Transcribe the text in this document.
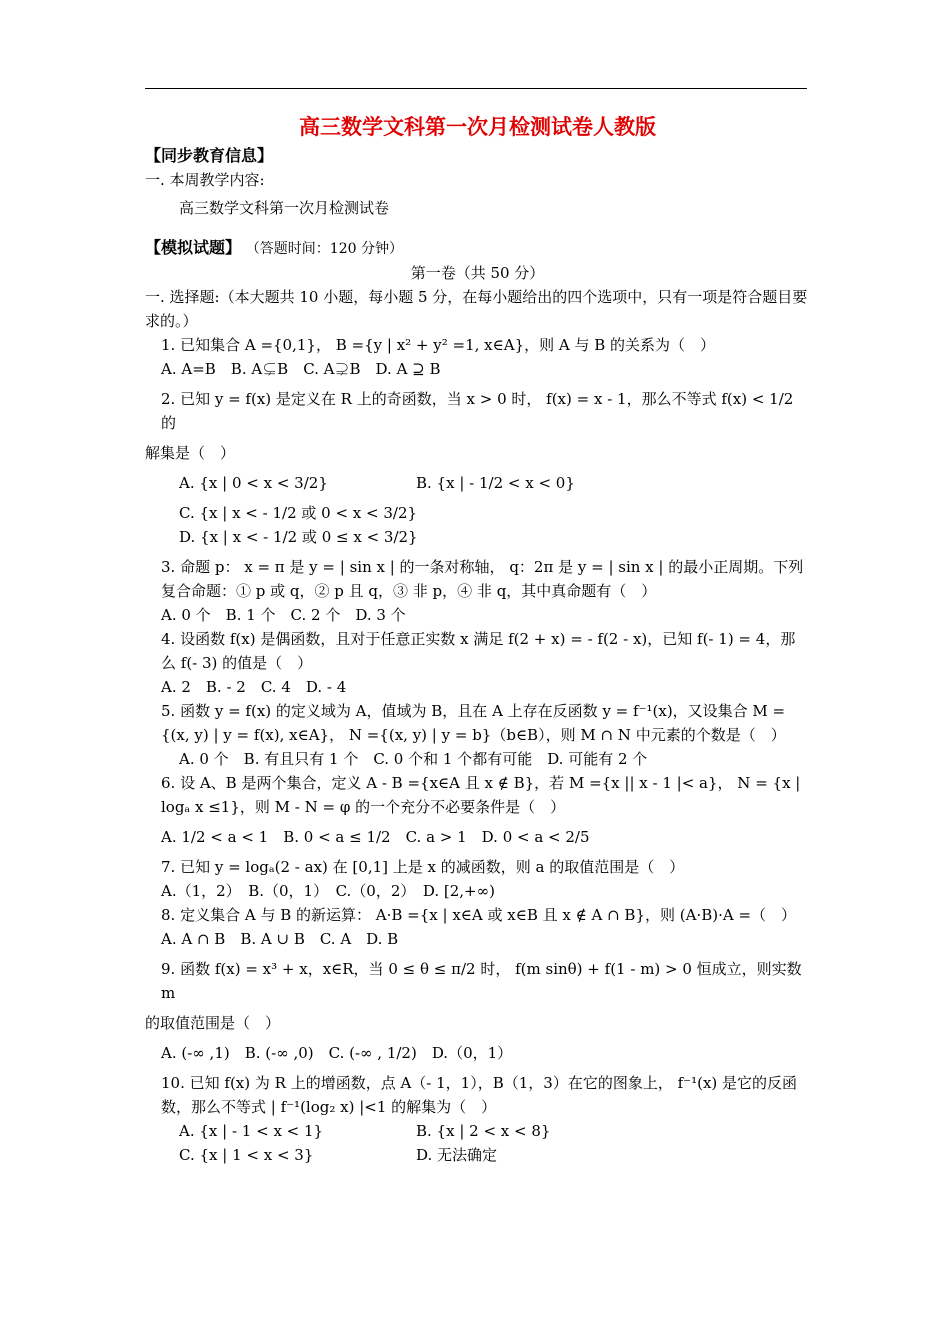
高三数学文科第一次月检测试卷人教版
【同步教育信息】
一. 本周教学内容:
高三数学文科第一次月检测试卷
【模拟试题】 （答题时间：120 分钟）
第一卷（共 50 分）
一. 选择题:（本大题共 10 小题，每小题 5 分，在每小题给出的四个选项中，只有一项是符合题目要求的。）
1. 已知集合 A ={0,1}， B ={y | x² + y² =1, x∈A}，则 A 与 B 的关系为（　）
A. A=B　B. A⊊B　C. A⊋B　D. A ⊇ B
2. 已知 y = f(x) 是定义在 R 上的奇函数，当 x > 0 时， f(x) = x - 1，那么不等式 f(x) < 1/2 的
解集是（　）
A. {x | 0 < x < 3/2}	B. {x | - 1/2 < x < 0}
C. {x | x < - 1/2 或 0 < x < 3/2}
D. {x | x < - 1/2 或 0 ≤ x < 3/2}
3. 命题 p： x = π 是 y = | sin x | 的一条对称轴， q：2π 是 y = | sin x | 的最小正周期。下列复合命题：① p 或 q，② p 且 q，③ 非 p，④ 非 q，其中真命题有（　）
A. 0 个　B. 1 个　C. 2 个　D. 3 个
4. 设函数 f(x) 是偶函数，且对于任意正实数 x 满足 f(2 + x) = - f(2 - x)，已知 f(- 1) = 4，那么 f(- 3) 的值是（　）
A. 2　B. - 2　C. 4　D. - 4
5. 函数 y = f(x) 的定义域为 A，值域为 B，且在 A 上存在反函数 y = f⁻¹(x)，又设集合 M ={(x, y) | y = f(x), x∈A}， N ={(x, y) | y = b}（b∈B），则 M ∩ N 中元素的个数是（　）
A. 0 个　B. 有且只有 1 个　C. 0 个和 1 个都有可能　D. 可能有 2 个
6. 设 A、B 是两个集合，定义 A - B ={x∈A 且 x ∉ B}，若 M ={x || x - 1 |< a}， N = {x | logₐ x ≤1}，则 M - N = φ 的一个充分不必要条件是（　）
A. 1/2 < a < 1　B. 0 < a ≤ 1/2　C. a > 1　D. 0 < a < 2/5
7. 已知 y = logₐ(2 - ax) 在 [0,1] 上是 x 的减函数，则 a 的取值范围是（　）
A.（1，2）　B.（0，1）　C.（0，2）　D. [2,+∞)
8. 定义集合 A 与 B 的新运算： A·B ={x | x∈A 或 x∈B 且 x ∉ A ∩ B}，则 (A·B)·A =（　）
A. A ∩ B　B. A ∪ B　C. A　D. B
9. 函数 f(x) = x³ + x，x∈R，当 0 ≤ θ ≤ π/2 时， f(m sinθ) + f(1 - m) > 0 恒成立，则实数 m
的取值范围是（　）
A. (-∞ ,1)　B. (-∞ ,0)　C. (-∞ , 1/2)　D.（0，1）
10. 已知 f(x) 为 R 上的增函数，点 A（- 1，1），B（1，3）在它的图象上， f⁻¹(x) 是它的反函数，那么不等式 | f⁻¹(log₂ x) |<1 的解集为（　）
A. {x | - 1 < x < 1}	B. {x | 2 < x < 8}
C. {x | 1 < x < 3}	D. 无法确定
